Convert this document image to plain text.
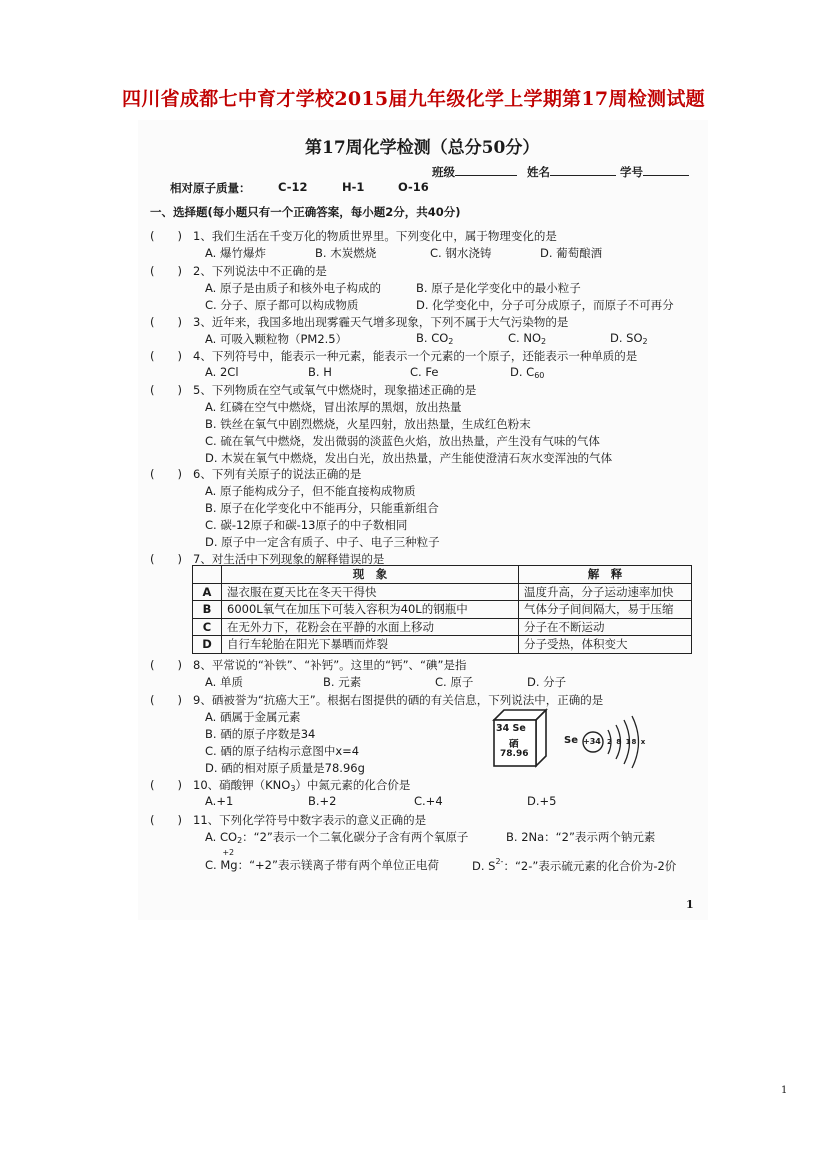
四川省成都七中育才学校2015届九年级化学上学期第17周检测试题
第17周化学检测（总分50分）
班级	姓名	学号
相对原子质量： C-12	H-1	O-16
一、选择题(每小题只有一个正确答案，每小题2分，共40分)
(　　) 1、我们生活在千变万化的物质世界里。下列变化中，属于物理变化的是
A. 爆竹爆炸	B. 木炭燃烧	C. 钢水浇铸	D. 葡萄酿酒
(　　) 2、下列说法中不正确的是
A. 原子是由质子和核外电子构成的	B. 原子是化学变化中的最小粒子
C. 分子、原子都可以构成物质	D. 化学变化中，分子可分成原子，而原子不可再分
(　　) 3、近年来，我国多地出现雾霾天气增多现象，下列不属于大气污染物的是
A. 可吸入颗粒物（PM2.5）	B. $CO_2$	C. $NO_2$	D. $SO_2$
(　　) 4、下列符号中，能表示一种元素，能表示一个元素的一个原子，还能表示一种单质的是
A. 2Cl	B. H	C. Fe	D. $C_{60}$
(　　) 5、下列物质在空气或氧气中燃烧时，现象描述正确的是
A. 红磷在空气中燃烧，冒出浓厚的黑烟，放出热量
B. 铁丝在氧气中剧烈燃烧，火星四射，放出热量，生成红色粉末
C. 硫在氧气中燃烧，发出微弱的淡蓝色火焰，放出热量，产生没有气味的气体
D. 木炭在氧气中燃烧，发出白光，放出热量，产生能使澄清石灰水变浑浊的气体
(　　) 6、下列有关原子的说法正确的是
A. 原子能构成分子，但不能直接构成物质
B. 原子在化学变化中不能再分，只能重新组合
C. 碳-12原子和碳-13原子的中子数相同
D. 原子中一定含有质子、中子、电子三种粒子
(　　) 7、对生活中下列现象的解释错误的是
	现　象	解　释
A	湿衣服在夏天比在冬天干得快	温度升高，分子运动速率加快
B	6000L氧气在加压下可装入容积为40L的钢瓶中	气体分子间间隔大，易于压缩
C	在无外力下，花粉会在平静的水面上移动	分子在不断运动
D	自行车轮胎在阳光下暴晒而炸裂	分子受热，体积变大
(　　) 8、平常说的“补铁”、“补钙”。这里的“钙”、“碘”是指
A. 单质	B. 元素	C. 原子	D. 分子
(　　) 9、硒被誉为“抗癌大王”。根据右图提供的硒的有关信息，下列说法中，正确的是
A. 硒属于金属元素
B. 硒的原子序数是34
C. 硒的原子结构示意图中x=4
D. 硒的相对原子质量是78.96g
34 Se
硒
78.96
Se +34 2 8 18 x
(　　) 10、硝酸钾$(KNO_3)$中氮元素的化合价是
A.+1	B.+2	C.+4	D.+5
(　　) 11、下列化学符号中数字表示的意义正确的是
A. $CO_2$：“2”表示一个二氧化碳分子含有两个氧原子	B. 2Na：“2”表示两个钠元素
C.
+2
Mg：“+2”表示镁离子带有两个单位正电荷	D. $S^{2-}$：“2-”表示硫元素的化合价为-2价
1
1
